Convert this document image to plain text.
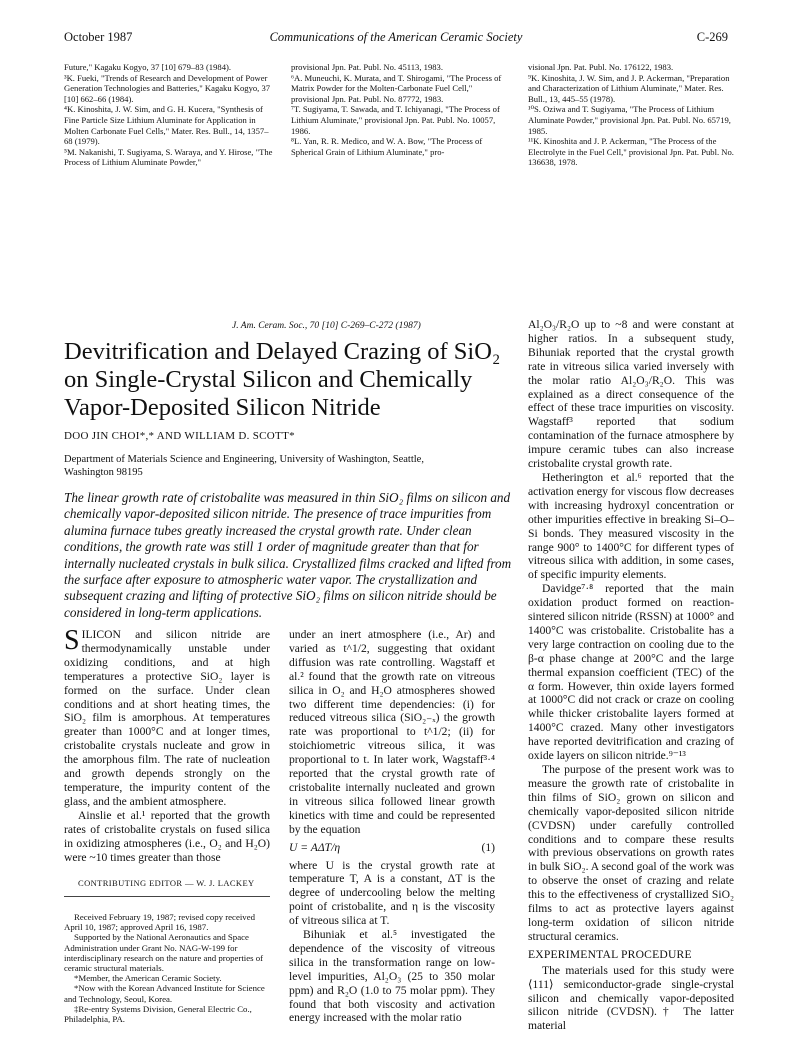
October 1987	Communications of the American Ceramic Society	C-269

Future," Kagaku Kogyo, 37 [10] 679–83 (1984).

³K. Fueki, "Trends of Research and Development of Power Generation Technologies and Batteries," Kagaku Kogyo, 37 [10] 662–66 (1984).

⁴K. Kinoshita, J. W. Sim, and G. H. Kucera, "Synthesis of Fine Particle Size Lithium Aluminate for Application in Molten Carbonate Fuel Cells," Mater. Res. Bull., 14, 1357–68 (1979).

⁵M. Nakanishi, T. Sugiyama, S. Waraya, and Y. Hirose, "The Process of Lithium Aluminate Powder,"

provisional Jpn. Pat. Publ. No. 45113, 1983.

⁶A. Muneuchi, K. Murata, and T. Shirogami, "The Process of Matrix Powder for the Molten-Carbonate Fuel Cell," provisional Jpn. Pat. Publ. No. 87772, 1983.

⁷T. Sugiyama, T. Sawada, and T. Ichiyanagi, "The Process of Lithium Aluminate," provisional Jpn. Pat. Publ. No. 10057, 1986.

⁸L. Yan, R. R. Medico, and W. A. Bow, "The Process of Spherical Grain of Lithium Aluminate," pro-

visional Jpn. Pat. Publ. No. 176122, 1983.

⁹K. Kinoshita, J. W. Sim, and J. P. Ackerman, "Preparation and Characterization of Lithium Aluminate," Mater. Res. Bull., 13, 445–55 (1978).

¹⁰S. Oziwa and T. Sugiyama, "The Process of Lithium Aluminate Powder," provisional Jpn. Pat. Publ. No. 65719, 1985.

¹¹K. Kinoshita and J. P. Ackerman, "The Process of the Electrolyte in the Fuel Cell," provisional Jpn. Pat. Publ. No. 136638, 1978.

J. Am. Ceram. Soc., 70 [10] C-269–C-272 (1987)
Devitrification and Delayed Crazing of SiO₂
on Single-Crystal Silicon and Chemically
Vapor-Deposited Silicon Nitride
DOO JIN CHOI*,* AND WILLIAM D. SCOTT*
Department of Materials Science and Engineering, University of Washington, Seattle,
Washington 98195
The linear growth rate of cristobalite was measured in thin SiO₂ films on silicon and chemically vapor-deposited silicon nitride. The presence of trace impurities from alumina furnace tubes greatly increased the crystal growth rate. Under clean conditions, the growth rate was still 1 order of magnitude greater than that for internally nucleated crystals in bulk silica. Crystallized films cracked and lifted from the surface after exposure to atmospheric water vapor. The crystallization and subsequent crazing and lifting of protective SiO₂ films on silicon nitride should be considered in long-term applications.

SILICON and silicon nitride are thermodynamically unstable under oxidizing conditions, and at high temperatures a protective SiO₂ layer is formed on the surface. Under clean conditions and at short heating times, the SiO₂ film is amorphous. At temperatures greater than 1000°C and at longer times, cristobalite crystals nucleate and grow in the amorphous film. The rate of nucleation and growth depends strongly on the temperature, the impurity content of the glass, and the ambient atmosphere.

Ainslie et al.¹ reported that the growth rates of cristobalite crystals on fused silica in oxidizing atmospheres (i.e., O₂ and H₂O) were ~10 times greater than those

CONTRIBUTING EDITOR — W. J. LACKEY

Received February 19, 1987; revised copy received April 10, 1987; approved April 16, 1987.

Supported by the National Aeronautics and Space Administration under Grant No. NAG-W-199 for interdisciplinary research on the nature and properties of ceramic structural materials.

*Member, the American Ceramic Society.

*Now with the Korean Advanced Institute for Science and Technology, Seoul, Korea.

‡Re-entry Systems Division, General Electric Co., Philadelphia, PA.

under an inert atmosphere (i.e., Ar) and varied as t^1/2, suggesting that oxidant diffusion was rate controlling. Wagstaff et al.² found that the growth rate on vitreous silica in O₂ and H₂O atmospheres showed two different time dependencies: (i) for reduced vitreous silica (SiO₂₋ₓ) the growth rate was proportional to t^1/2; (ii) for stoichiometric vitreous silica, it was proportional to t. In later work, Wagstaff³·⁴ reported that the crystal growth rate of cristobalite internally nucleated and grown in vitreous silica followed linear growth kinetics with time and could be represented by the equation

U = AΔT/η	(1)

where U is the crystal growth rate at temperature T, A is a constant, ΔT is the degree of undercooling below the melting point of cristobalite, and η is the viscosity of vitreous silica at T.

Bihuniak et al.⁵ investigated the dependence of the viscosity of vitreous silica in the transformation range on low-level impurities, Al₂O₃ (25 to 350 molar ppm) and R₂O (1.0 to 75 molar ppm). They found that both viscosity and activation energy increased with the molar ratio

Al₂O₃/R₂O up to ~8 and were constant at higher ratios. In a subsequent study, Bihuniak reported that the crystal growth rate in vitreous silica varied inversely with the molar ratio Al₂O₃/R₂O. This was explained as a direct consequence of the effect of these trace impurities on viscosity. Wagstaff³ reported that sodium contamination of the furnace atmosphere by impure ceramic tubes can also increase cristobalite crystal growth rate.

Hetherington et al.⁶ reported that the activation energy for viscous flow decreases with increasing hydroxyl concentration or other impurities effective in breaking Si–O–Si bonds. They measured viscosity in the range 900° to 1400°C for different types of vitreous silica with addition, in some cases, of specific impurity elements.

Davidge⁷·⁸ reported that the main oxidation product formed on reaction-sintered silicon nitride (RSSN) at 1000° and 1400°C was cristobalite. Cristobalite has a very large contraction on cooling due to the β-α phase change at 200°C and the large thermal expansion coefficient (TEC) of the α form. However, thin oxide layers formed at 1000°C did not crack or craze on cooling while thicker cristobalite layers formed at 1400°C crazed. Many other investigators have reported devitrification and crazing of oxide layers on silicon nitride.⁹⁻¹³

The purpose of the present work was to measure the growth rate of cristobalite in thin films of SiO₂ grown on silicon and chemically vapor-deposited silicon nitride (CVDSN) under carefully controlled conditions and to compare these results with previous observations on growth rates in bulk SiO₂. A second goal of the work was to observe the onset of crazing and relate this to the effectiveness of crystallized SiO₂ films to act as protective layers against long-term oxidation of silicon nitride structural ceramics.

EXPERIMENTAL PROCEDURE

The materials used for this study were ⟨111⟩ semiconductor-grade single-crystal silicon and chemically vapor-deposited silicon nitride (CVDSN).† The latter material
